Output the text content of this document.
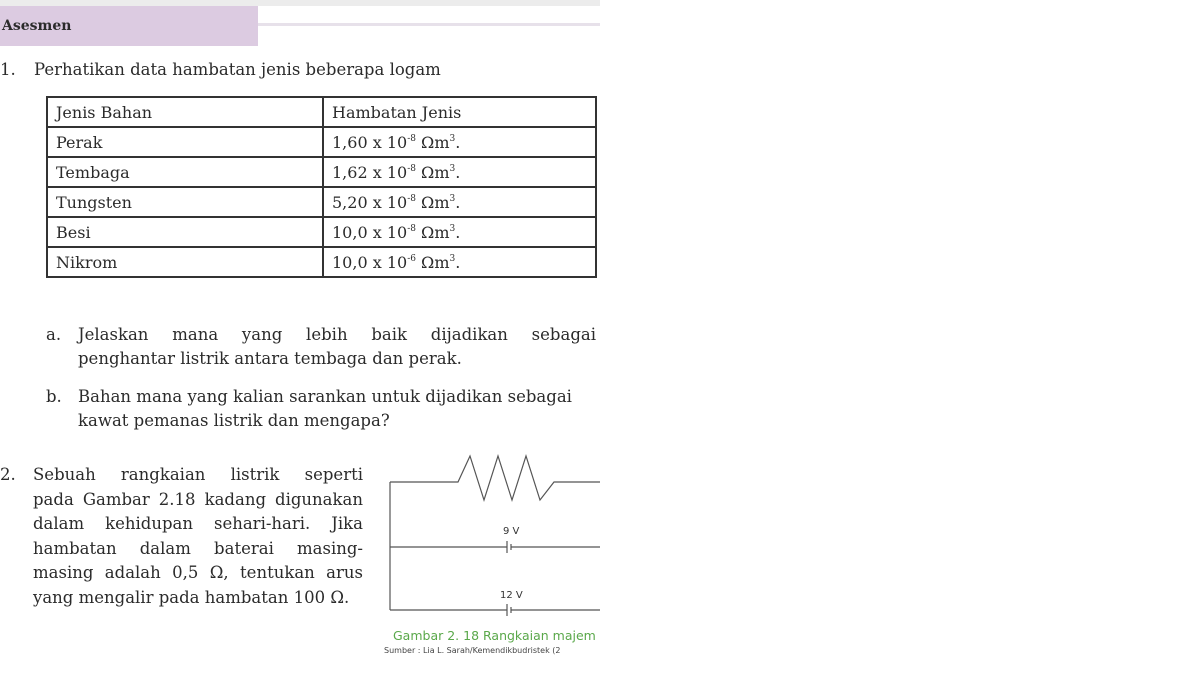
Asesmen
1.	Perhatikan data hambatan jenis beberapa logam
Jenis Bahan	Hambatan Jenis
Perak	1,60 x $10^{-8}$ $\Omega m^3$.
Tembaga	1,62 x $10^{-8}$ $\Omega m^3$.
Tungsten	5,20 x $10^{-8}$ $\Omega m^3$.
Besi	10,0 x $10^{-8}$ $\Omega m^3$.
Nikrom	10,0 x $10^{-6}$ $\Omega m^3$.
a.	Jelaskan mana yang lebih baik dijadikan sebagai
penghantar listrik antara tembaga dan perak.
b. Bahan mana yang kalian sarankan untuk dijadikan sebagai
kawat pemanas listrik dan mengapa?
2. Sebuah rangkaian listrik seperti
pada Gambar 2.18 kadang digunakan
dalam kehidupan sehari-hari. Jika
hambatan dalam baterai masing-
masing adalah 0,5 Ω, tentukan arus
yang mengalir pada hambatan 100 Ω.
9 V
12 V
Gambar 2. 18 Rangkaian majem
Sumber : Lia L. Sarah/Kemendikbudristek (2
